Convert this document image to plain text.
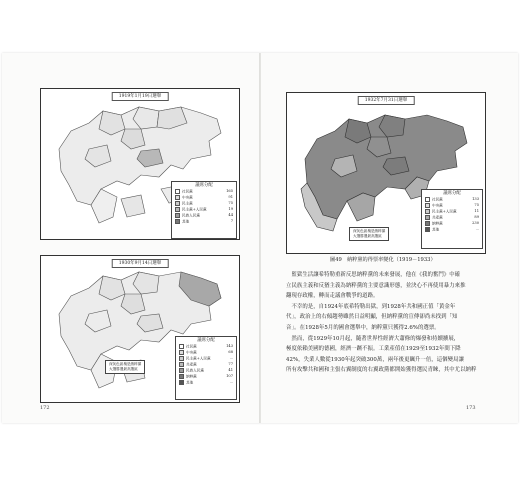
1919年1月19日選舉
議席分配
社民黨	165
中央黨	91
民主黨	75
民主黨+人民黨	19
民族人民黨	44
其他	7
1930年9月14日選舉
深灰色區塊是納粹黨
大選勝選最高選區
議席分配
社民黨	143
中央黨	68
民主黨+人民黨	...
共產黨	77
民族人民黨	41
納粹黨	107
其他	...
172
1932年7月31日選舉
深灰色區塊是納粹黨
大選勝選最高選區
議席分配
社民黨	133
中央黨	75
民主黨+人民黨	11
共產黨	89
納粹黨	230
其他	...
圖49　納粹黨的得票率變化（1919－1933）

　監獄生活讓希特勒重新反思納粹黨的未來發展，他在《我的奮鬥》中確

立民族主義和反猶主義為納粹黨的主要意識形態，並決心不再使用暴力來推

翻現存政權，轉而走議會戰爭的道路。

　不幸的是，自1924年底希特勒出獄，到1928年共和國正值「黃金年

代」，政治上的右傾趨勢雖然日益明顯，但納粹黨的宣傳卻尚未找到「知

音」。在1928年5月的國會選舉中，納粹黨只獲得2.6%的選票。

　然而，從1929年10月起，隨著世界性經濟大蕭條的爆發和持續擴展，

極度依賴美國的德國，經濟一蹶不振。工業產值在1929至1932年間下降

42%，失業人數從1930年起突破300萬，兩年後更飆升一倍，這個變局讓

所有攻擊共和國和主張右翼制度的右翼政黨都開始獲得選民青睞，其中尤以納粹

173
